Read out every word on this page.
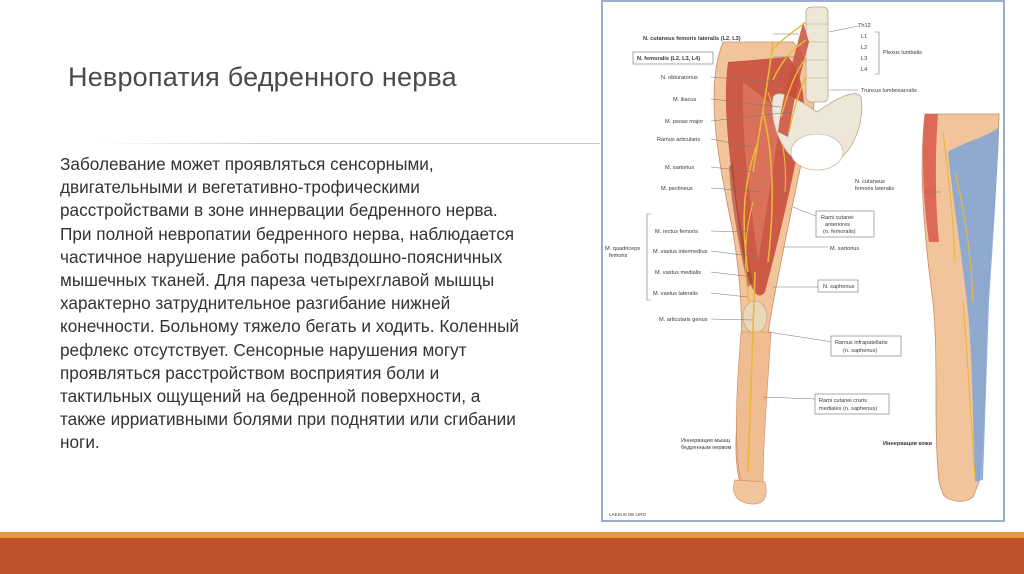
Невропатия бедренного нерва
Заболевание может проявляться сенсорными,
двигательными и вегетативно-трофическими
расстройствами в зоне иннервации бедренного нерва.
При полной невропатии бедренного нерва, наблюдается
частичное нарушение работы подвздошно-поясничных
мышечных тканей. Для пареза четырехглавой мышцы
характерно затруднительное разгибание нижней
конечности. Больному тяжело бегать и ходить. Коленный
рефлекс отсутствует. Сенсорные нарушения могут
проявляться расстройством восприятия боли и
тактильных ощущений на бедренной поверхности, а
также ирриативными болями при поднятии или сгибании
ноги.
Th12
L1
L2
L3
L4
Plexus lumbalis
Truncus lumbosacralis
N. cutaneus femoris lateralis (L2, L3)
N. femoralis (L2, L3, L4)
N. obturatorius
M. iliacus
M. psoas major
Ramus articularis
M. sartorius
M. pectineus
M. rectus femoris
M. vastus intermedius
M. vastus medialis
M. vastus lateralis
M. articularis genus
M. quadriceps
femoris
N. cutaneus
femoris lateralis
Rami cutanei
anteriores
(n. femoralis)
M. sartorius
N. saphenus
Ramus infrapatellaris
(n. saphenus)
Rami cutanei cruris
mediales (n. saphenus)
Иннервация мышц
бедренным нервом
Иннервация кожи
LAESUS DE LIRO
